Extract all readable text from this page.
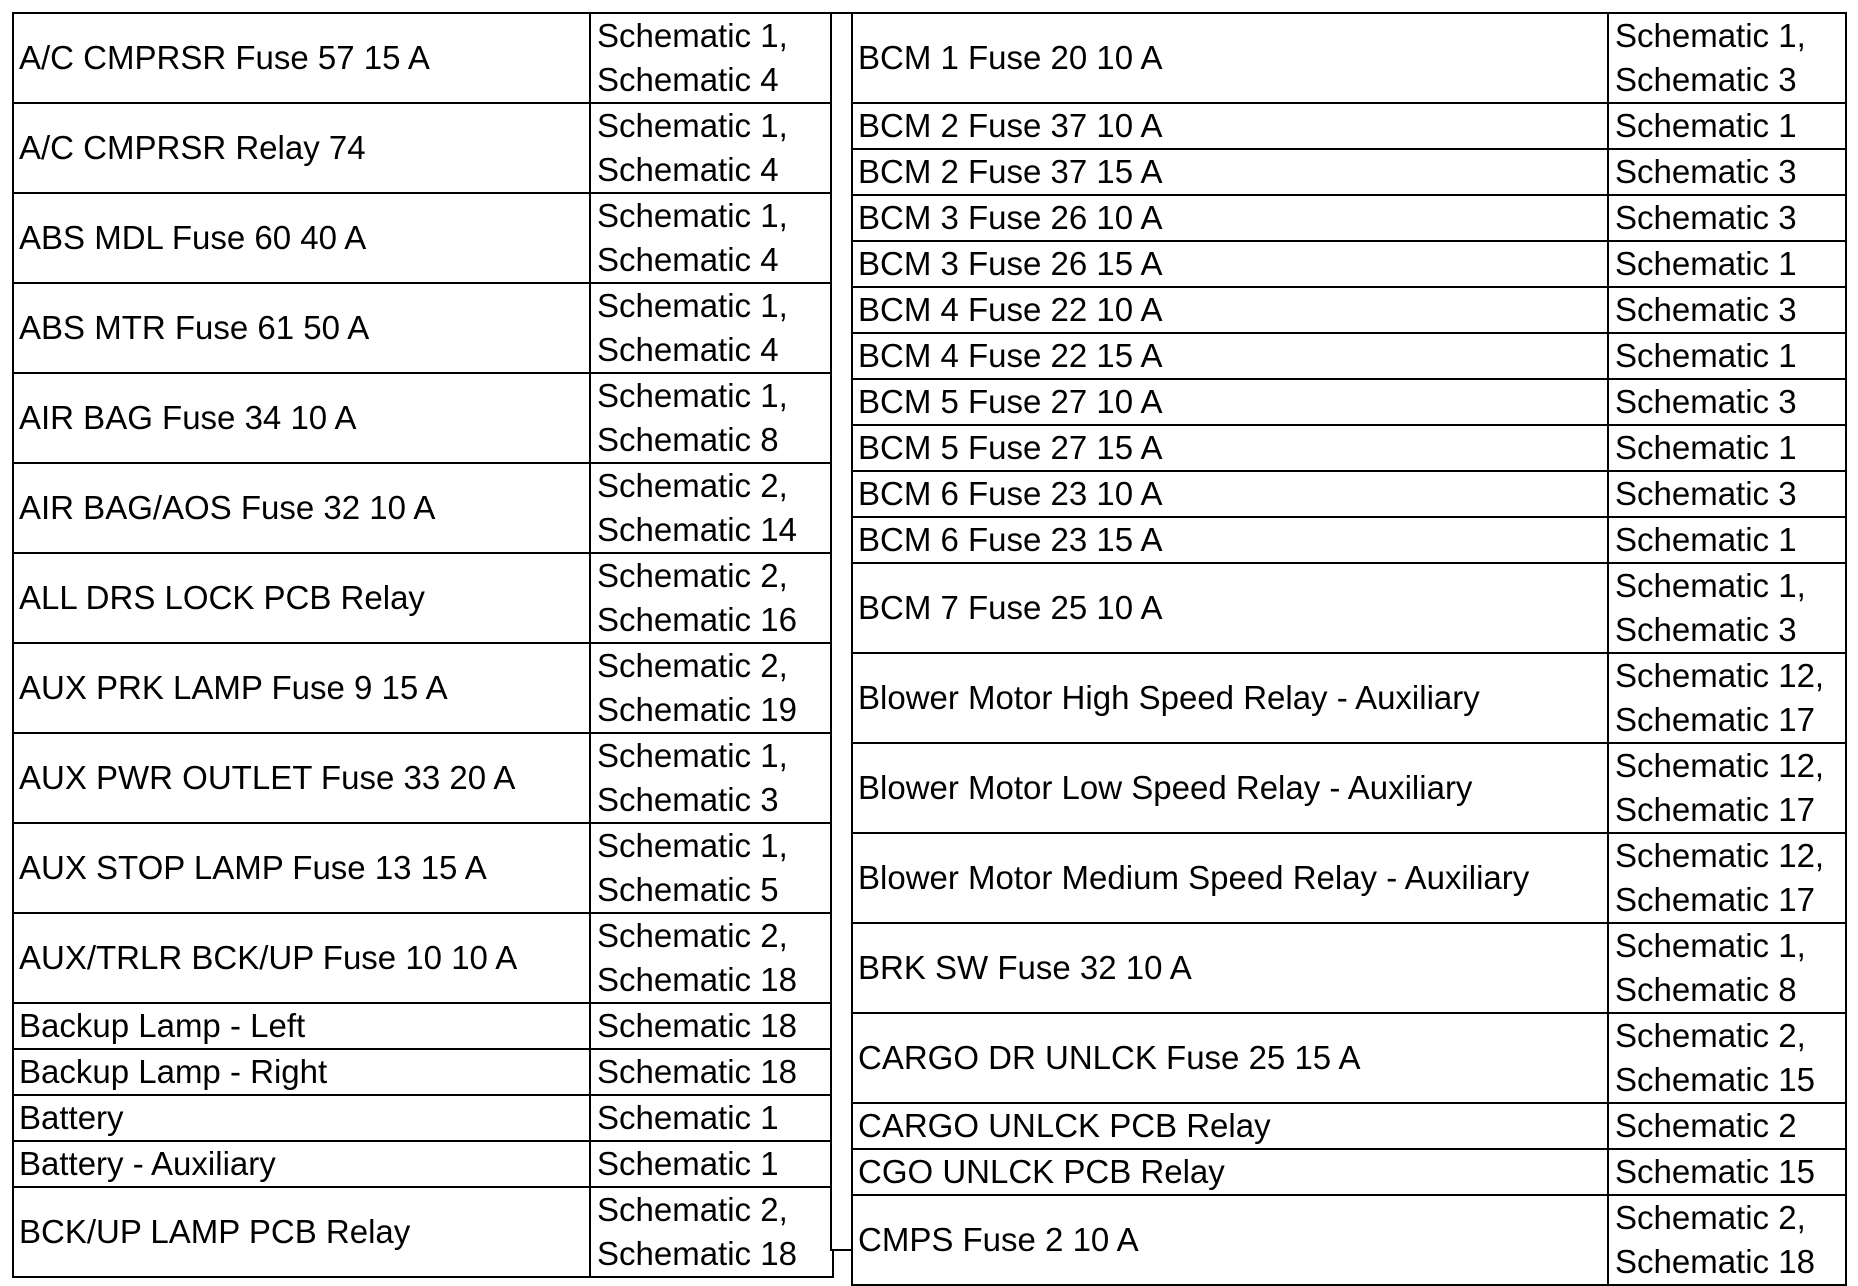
A/C CMPRSR Fuse 57 15 A	Schematic 1,
Schematic 4
A/C CMPRSR Relay 74	Schematic 1,
Schematic 4
ABS MDL Fuse 60 40 A	Schematic 1,
Schematic 4
ABS MTR Fuse 61 50 A	Schematic 1,
Schematic 4
AIR BAG Fuse 34 10 A	Schematic 1,
Schematic 8
AIR BAG/AOS Fuse 32 10 A	Schematic 2,
Schematic 14
ALL DRS LOCK PCB Relay	Schematic 2,
Schematic 16
AUX PRK LAMP Fuse 9 15 A	Schematic 2,
Schematic 19
AUX PWR OUTLET Fuse 33 20 A	Schematic 1,
Schematic 3
AUX STOP LAMP Fuse 13 15 A	Schematic 1,
Schematic 5
AUX/TRLR BCK/UP Fuse 10 10 A	Schematic 2,
Schematic 18
Backup Lamp - Left	Schematic 18
Backup Lamp - Right	Schematic 18
Battery	Schematic 1
Battery - Auxiliary	Schematic 1
BCK/UP LAMP PCB Relay	Schematic 2,
Schematic 18
BCM 1 Fuse 20 10 A	Schematic 1,
Schematic 3
BCM 2 Fuse 37 10 A	Schematic 1
BCM 2 Fuse 37 15 A	Schematic 3
BCM 3 Fuse 26 10 A	Schematic 3
BCM 3 Fuse 26 15 A	Schematic 1
BCM 4 Fuse 22 10 A	Schematic 3
BCM 4 Fuse 22 15 A	Schematic 1
BCM 5 Fuse 27 10 A	Schematic 3
BCM 5 Fuse 27 15 A	Schematic 1
BCM 6 Fuse 23 10 A	Schematic 3
BCM 6 Fuse 23 15 A	Schematic 1
BCM 7 Fuse 25 10 A	Schematic 1,
Schematic 3
Blower Motor High Speed Relay - Auxiliary	Schematic 12,
Schematic 17
Blower Motor Low Speed Relay - Auxiliary	Schematic 12,
Schematic 17
Blower Motor Medium Speed Relay - Auxiliary	Schematic 12,
Schematic 17
BRK SW Fuse 32 10 A	Schematic 1,
Schematic 8
CARGO DR UNLCK Fuse 25 15 A	Schematic 2,
Schematic 15
CARGO UNLCK PCB Relay	Schematic 2
CGO UNLCK PCB Relay	Schematic 15
CMPS Fuse 2 10 A	Schematic 2,
Schematic 18
